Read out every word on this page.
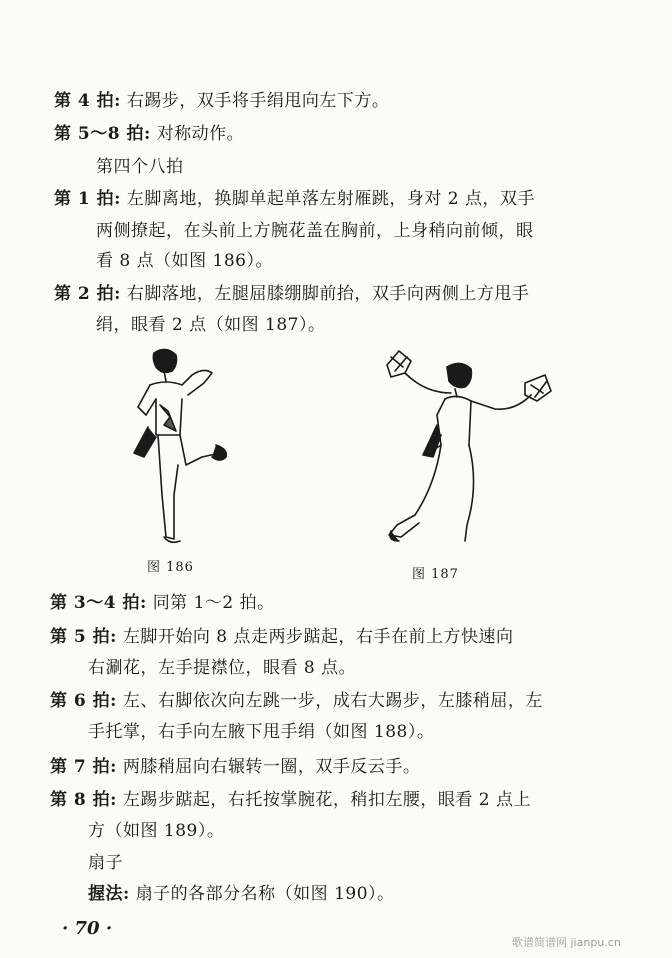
第 4 拍: 右踢步，双手将手绢甩向左下方。
第 5～8 拍: 对称动作。
第四个八拍
第 1 拍: 左脚离地，换脚单起单落左射雁跳，身对 2 点，双手
两侧撩起，在头前上方腕花盖在胸前，上身稍向前倾，眼
看 8 点（如图 186）。
第 2 拍: 右脚落地，左腿屈膝绷脚前抬，双手向两侧上方甩手
绢，眼看 2 点（如图 187）。
图 186	图 187
第 3～4 拍: 同第 1～2 拍。
第 5 拍: 左脚开始向 8 点走两步踮起，右手在前上方快速向
右涮花，左手提襟位，眼看 8 点。
第 6 拍: 左、右脚依次向左跳一步，成右大踢步，左膝稍屈，左
手托掌，右手向左腋下甩手绢（如图 188）。
第 7 拍: 两膝稍屈向右辗转一圈，双手反云手。
第 8 拍: 左踢步踮起，右托按掌腕花，稍扣左腰，眼看 2 点上
方（如图 189）。
扇子
握法: 扇子的各部分名称（如图 190）。
· 70 ·
歌谱简谱网 jianpu.cn
